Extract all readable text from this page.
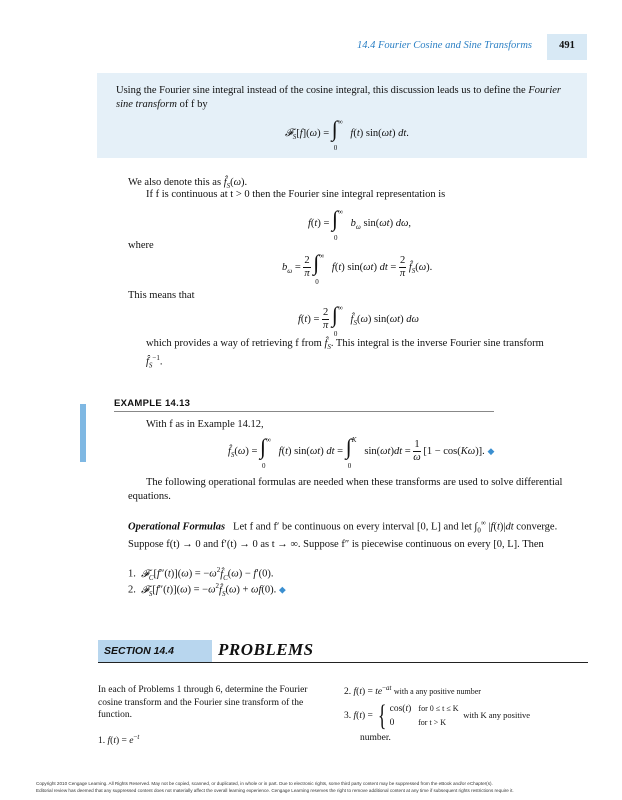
14.4 Fourier Cosine and Sine Transforms	491
Using the Fourier sine integral instead of the cosine integral, this discussion leads us to define the Fourier sine transform of f by
𝓕$_S$[f](ω) = ∫ ∞
0
f(t) sin(ωt) dt.
We also denote this as $f̂_S(\omega)$.
If f is continuous at t > 0 then the Fourier sine integral representation is
f(t) = ∫ ∞
0
$b_\omega$ sin(ωt) dω,
where
$b_\omega = \frac{2}{\pi}$ ∫ ∞
0
f(t) sin(ωt) dt = $\frac{2}{\pi}$ $f̂_S(\omega)$.
This means that
$f(t) = \frac{2}{\pi}$ ∫ ∞
0
$f̂_S(\omega)$ sin(ωt) dω
which provides a way of retrieving f from $f̂_S$. This integral is the inverse Fourier sine transform
$f̂_S^{-1}$.
EXAMPLE 14.13
With f as in Example 14.12,
$f̂_S(\omega)$ = ∫ ∞
0
f(t) sin(ωt) dt = ∫ K
0
$\sin(\omega t)dt = \frac{1}{\omega} [1 - \cos(K\omega)]$. ◆
The following operational formulas are needed when these transforms are used to solve differential equations.
Operational Formulas Let f and f′ be continuous on every interval [0, L] and let $\int_0^\infty$ |f(t)|dt converge. Suppose f(t) → 0 and f′(t) → 0 as t → ∞. Suppose f″ is piecewise continuous on every [0, L]. Then
1. 𝓕$_C$[f″(t)](ω) = $-\omega^2f̂_C(\omega) - f'(0)$.
2. 𝓕$_S$[f″(t)](ω) = $-\omega^2f̂_S(\omega) + \omega f(0)$. ◆
SECTION 14.4	PROBLEMS
In each of Problems 1 through 6, determine the Fourier cosine transform and the Fourier sine transform of the function.
1. $f(t) = e^{-t}$
2. $f(t) = te^{-at}$ with a any positive number
3. f(t) = { cos(t)   for 0 ≤ t ≤ K
0          for t > K  with K any positive
number.
Copyright 2010 Cengage Learning. All Rights Reserved. May not be copied, scanned, or duplicated, in whole or in part. Due to electronic rights, some third party content may be suppressed from the eBook and/or eChapter(s).
Editorial review has deemed that any suppressed content does not materially affect the overall learning experience. Cengage Learning reserves the right to remove additional content at any time if subsequent rights restrictions require it.
